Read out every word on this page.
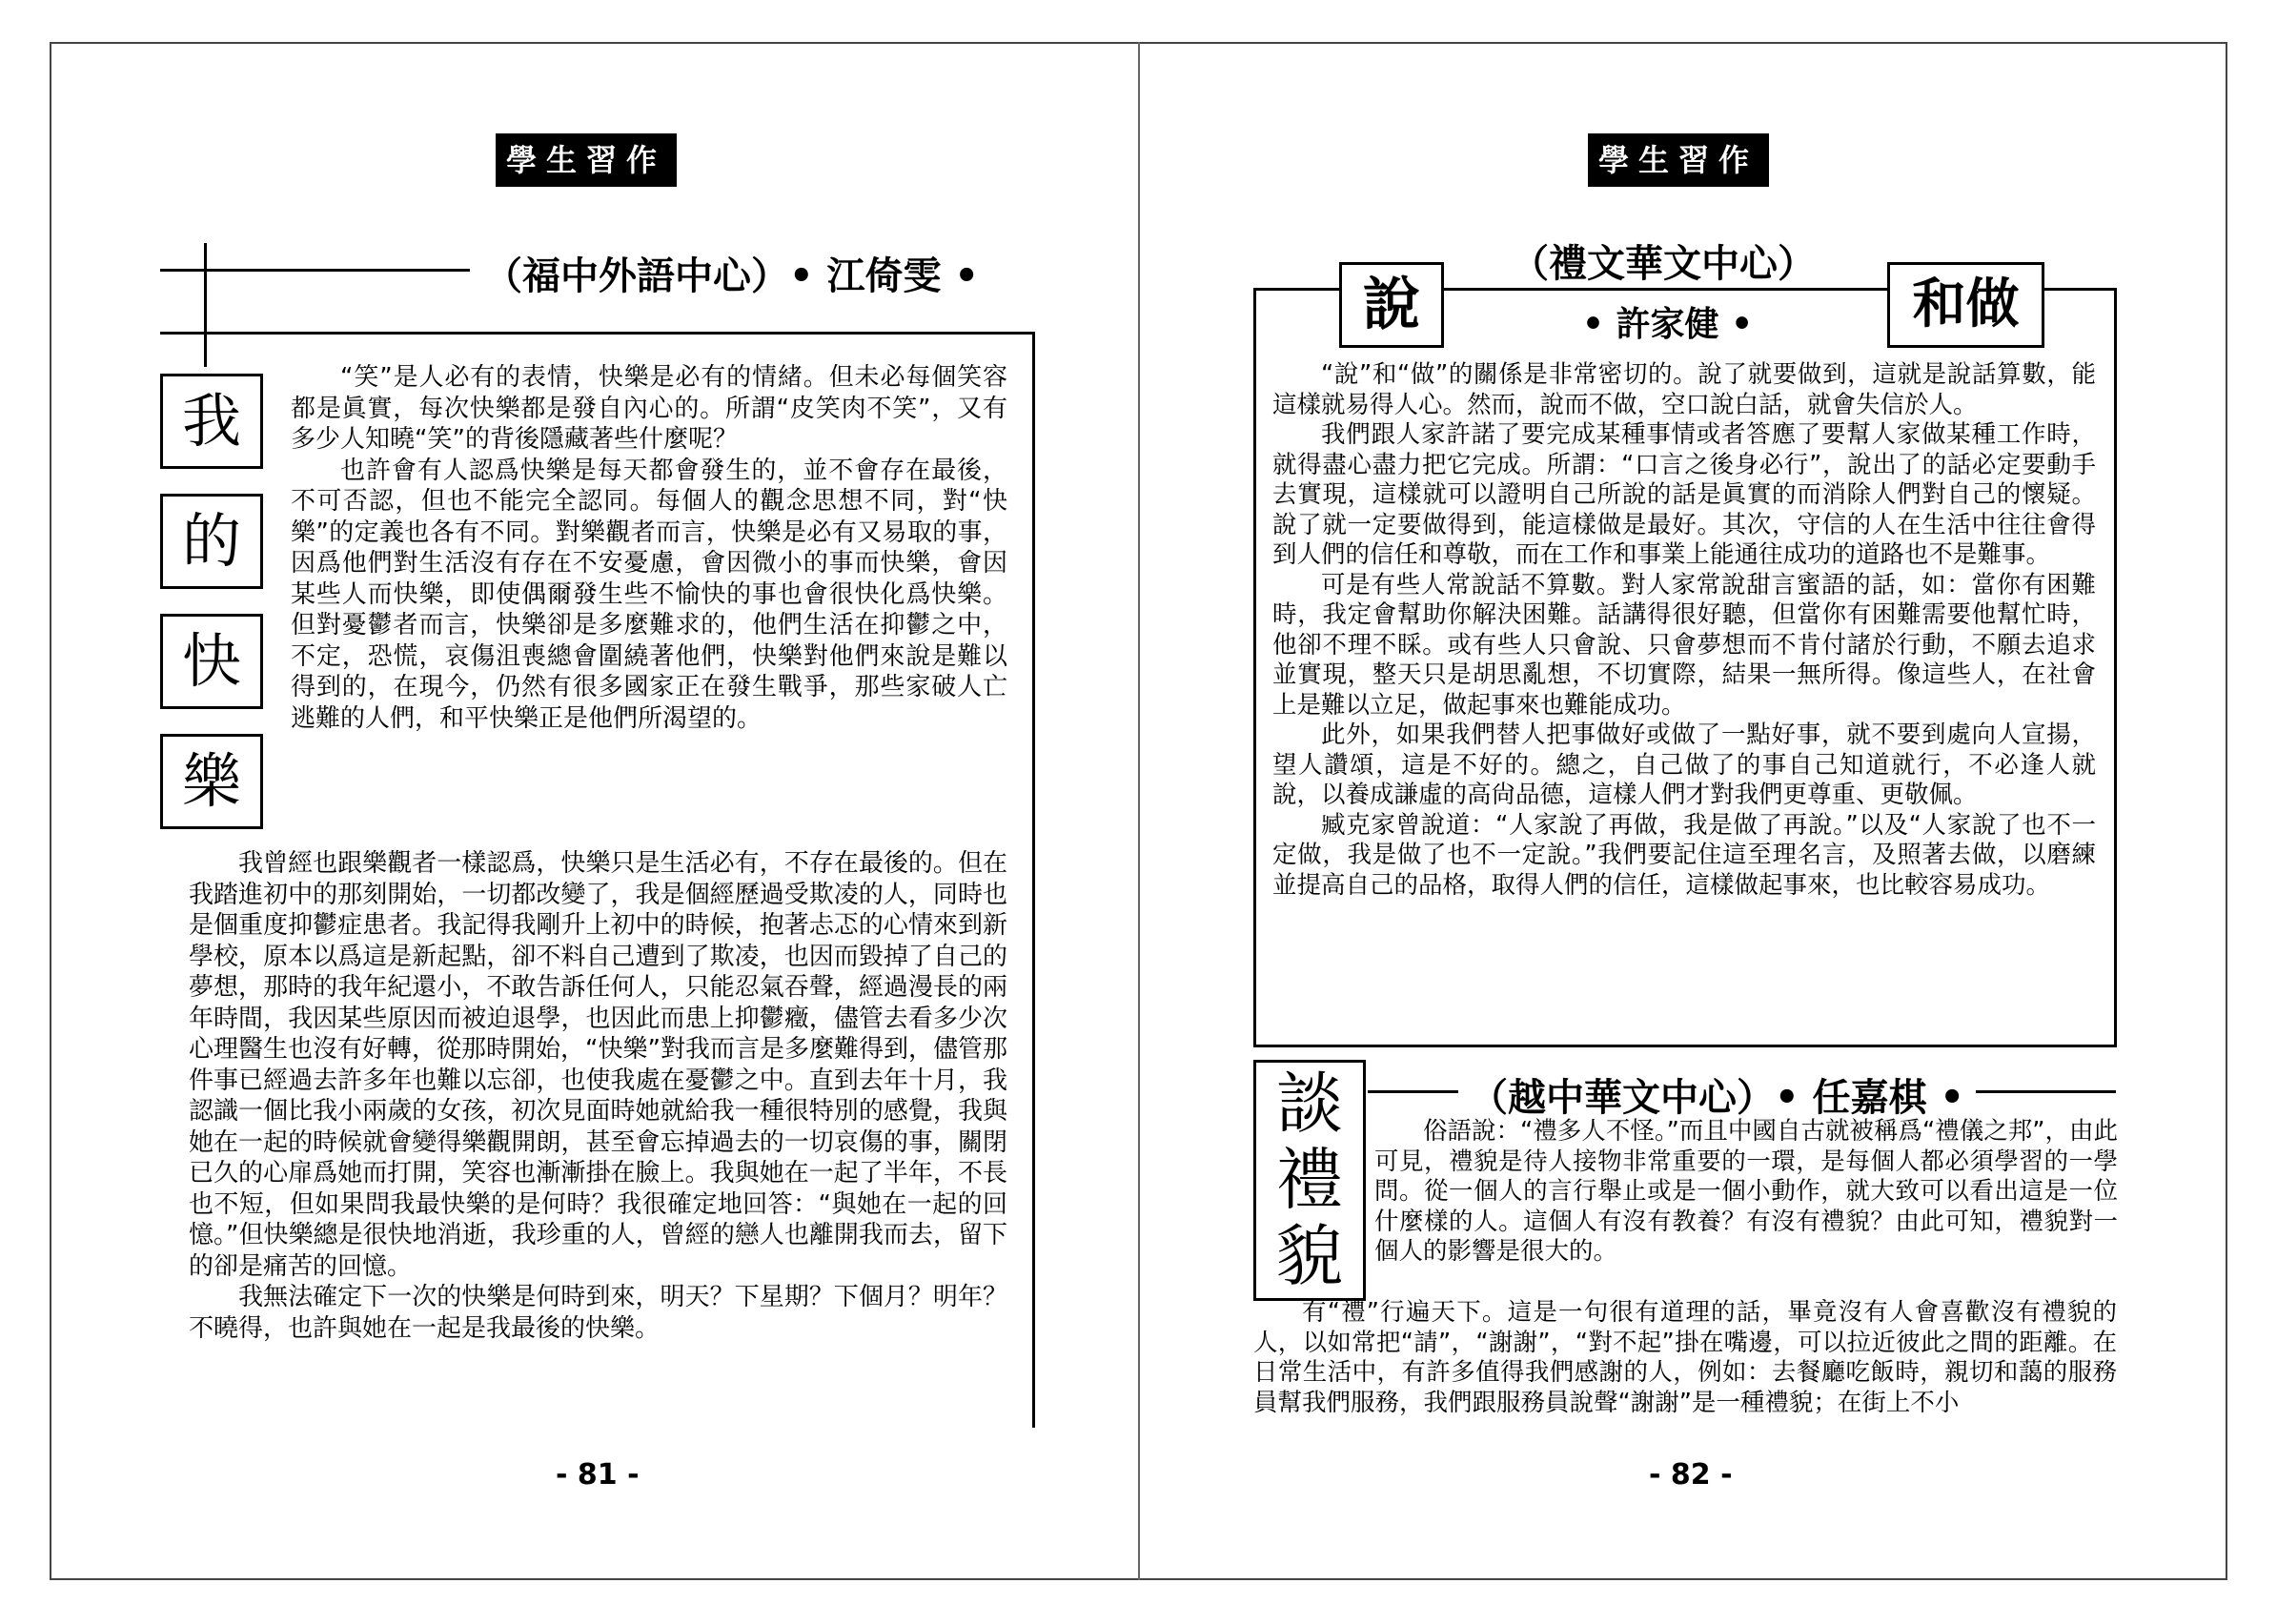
學生習作
（福中外語中心）• 江倚雯 •
我
的
快
樂

“笑”是人必有的表情，快樂是必有的情緒。但未必每個笑容都是眞實，每次快樂都是發自內心的。所謂“皮笑肉不笑”，又有多少人知曉“笑”的背後隱藏著些什麼呢？

也許會有人認爲快樂是每天都會發生的，並不會存在最後，不可否認，但也不能完全認同。每個人的觀念思想不同，對“快樂”的定義也各有不同。對樂觀者而言，快樂是必有又易取的事，因爲他們對生活沒有存在不安憂慮，會因微小的事而快樂，會因某些人而快樂，即使偶爾發生些不愉快的事也會很快化爲快樂。但對憂鬱者而言，快樂卻是多麼難求的，他們生活在抑鬱之中，不定，恐慌，哀傷沮喪總會圍繞著他們，快樂對他們來說是難以得到的，在現今，仍然有很多國家正在發生戰爭，那些家破人亡逃難的人們，和平快樂正是他們所渴望的。

我曾經也跟樂觀者一樣認爲，快樂只是生活必有，不存在最後的。但在我踏進初中的那刻開始，一切都改變了，我是個經歷過受欺凌的人，同時也是個重度抑鬱症患者。我記得我剛升上初中的時候，抱著忐忑的心情來到新學校，原本以爲這是新起點，卻不料自己遭到了欺凌，也因而毀掉了自己的夢想，那時的我年紀還小，不敢告訴任何人，只能忍氣吞聲，經過漫長的兩年時間，我因某些原因而被迫退學，也因此而患上抑鬱癥，儘管去看多少次心理醫生也沒有好轉，從那時開始，“快樂”對我而言是多麼難得到，儘管那件事已經過去許多年也難以忘卻，也使我處在憂鬱之中。直到去年十月，我認識一個比我小兩歲的女孩，初次見面時她就給我一種很特別的感覺，我與她在一起的時候就會變得樂觀開朗，甚至會忘掉過去的一切哀傷的事，關閉已久的心扉爲她而打開，笑容也漸漸掛在臉上。我與她在一起了半年，不長也不短，但如果問我最快樂的是何時？我很確定地回答：“與她在一起的回憶。”但快樂總是很快地消逝，我珍重的人，曾經的戀人也離開我而去，留下的卻是痛苦的回憶。

我無法確定下一次的快樂是何時到來，明天？下星期？下個月？明年？不曉得，也許與她在一起是我最後的快樂。

- 81 -
學生習作
（禮文華文中心）
說	和做
• 許家健 •

“說”和“做”的關係是非常密切的。說了就要做到，這就是說話算數，能這樣就易得人心。然而，說而不做，空口說白話，就會失信於人。

我們跟人家許諾了要完成某種事情或者答應了要幫人家做某種工作時，就得盡心盡力把它完成。所謂：“口言之後身必行”，說出了的話必定要動手去實現，這樣就可以證明自己所說的話是眞實的而消除人們對自己的懷疑。說了就一定要做得到，能這樣做是最好。其次，守信的人在生活中往往會得到人們的信任和尊敬，而在工作和事業上能通往成功的道路也不是難事。

可是有些人常說話不算數。對人家常說甜言蜜語的話，如：當你有困難時，我定會幫助你解決困難。話講得很好聽，但當你有困難需要他幫忙時，他卻不理不睬。或有些人只會說、只會夢想而不肯付諸於行動，不願去追求並實現，整天只是胡思亂想，不切實際，結果一無所得。像這些人，在社會上是難以立足，做起事來也難能成功。

此外，如果我們替人把事做好或做了一點好事，就不要到處向人宣揚，望人讚頌，這是不好的。總之，自己做了的事自己知道就行，不必逢人就說，以養成謙虛的高尙品德，這樣人們才對我們更尊重、更敬佩。

臧克家曾說道：“人家說了再做，我是做了再說。”以及“人家說了也不一定做，我是做了也不一定說。”我們要記住這至理名言，及照著去做，以磨練並提高自己的品格，取得人們的信任，這樣做起事來，也比較容易成功。

談
禮
貌
（越中華文中心）• 任嘉棋 •

俗語說：“禮多人不怪。”而且中國自古就被稱爲“禮儀之邦”，由此可見，禮貌是待人接物非常重要的一環，是每個人都必須學習的一學問。從一個人的言行舉止或是一個小動作，就大致可以看出這是一位什麼樣的人。這個人有沒有教養？有沒有禮貌？由此可知，禮貌對一個人的影響是很大的。

有“禮”行遍天下。這是一句很有道理的話，畢竟沒有人會喜歡沒有禮貌的人，以如常把“請”，“謝謝”，“對不起”掛在嘴邊，可以拉近彼此之間的距離。在日常生活中，有許多值得我們感謝的人，例如：去餐廳吃飯時，親切和藹的服務員幫我們服務，我們跟服務員說聲“謝謝”是一種禮貌；在街上不小

- 82 -
